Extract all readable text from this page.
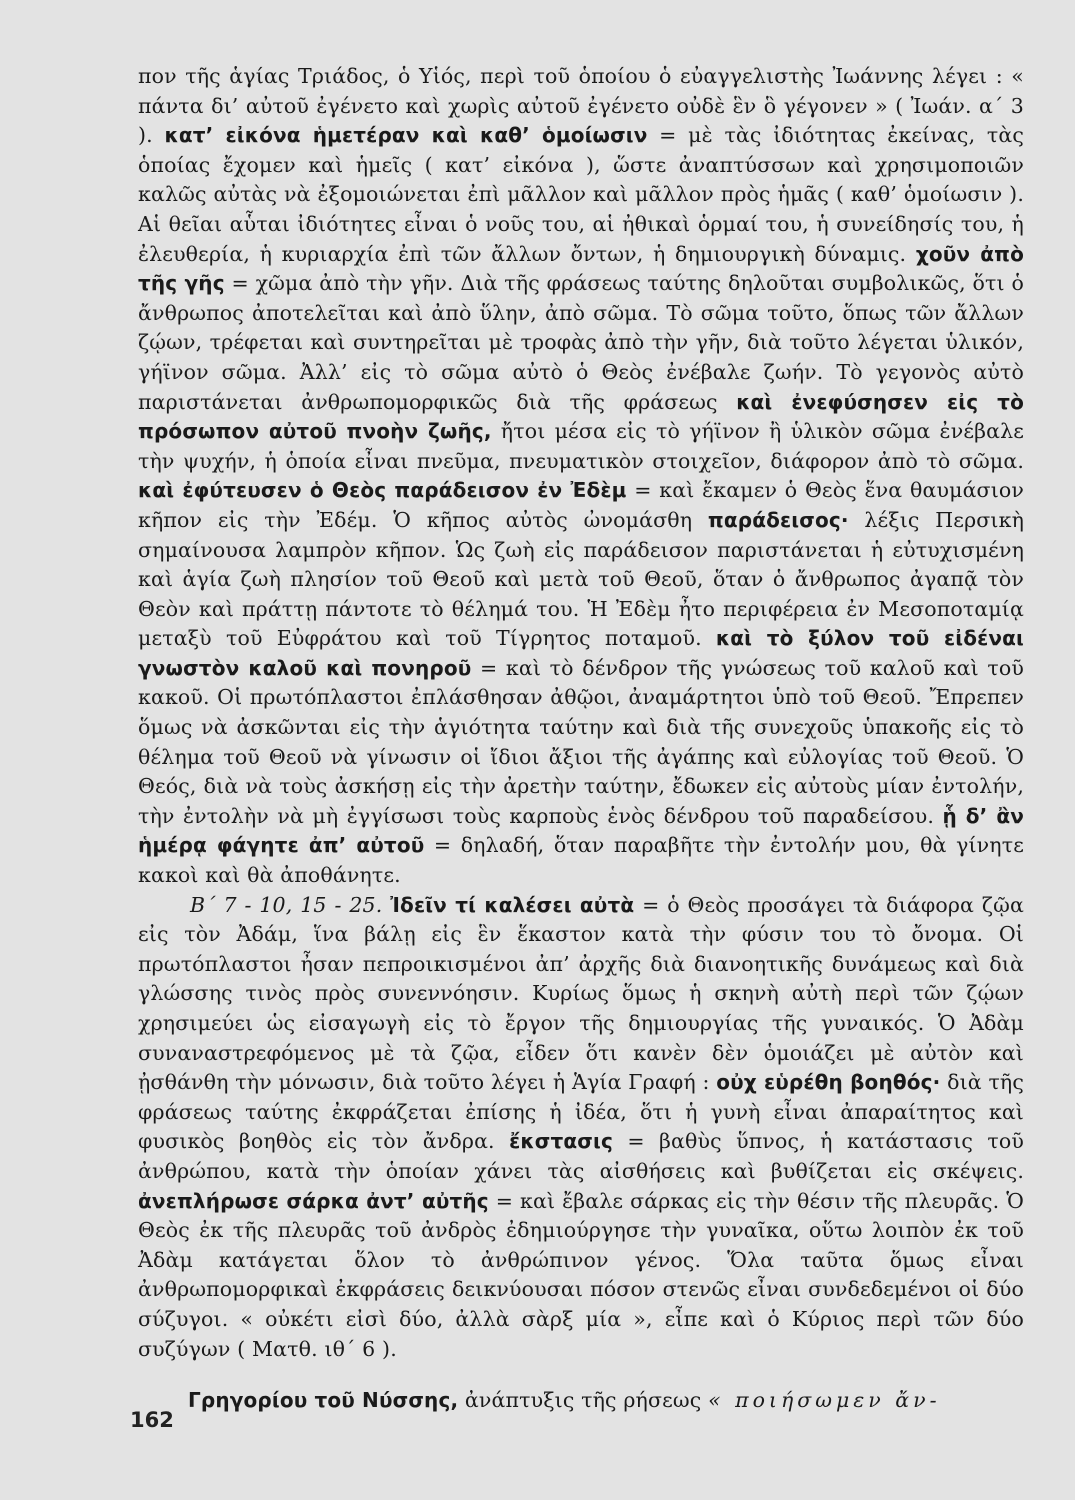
πον τῆς ἁγίας Τριάδος, ὁ Υἱός, περὶ τοῦ ὁποίου ὁ εὐαγγελιστὴς Ἰωάννης λέγει : « πάντα δι’ αὐτοῦ ἐγένετο καὶ χωρὶς αὐτοῦ ἐγένετο οὐδὲ ἓν ὃ γέγονεν » ( Ἰωάν. α΄ 3 ). κατ’ εἰκόνα ἡμετέραν καὶ καθ’ ὁμοίωσιν = μὲ τὰς ἰδιότητας ἐκείνας, τὰς ὁποίας ἔχομεν καὶ ἡμεῖς ( κατ’ εἰκόνα ), ὥστε ἀναπτύσσων καὶ χρησιμοποιῶν καλῶς αὐτὰς νὰ ἐξομοιώνεται ἐπὶ μᾶλλον καὶ μᾶλλον πρὸς ἡμᾶς ( καθ’ ὁμοίωσιν ). Αἱ θεῖαι αὗται ἰδιότητες εἶναι ὁ νοῦς του, αἱ ἠθικαὶ ὁρμαί του, ἡ συνείδησίς του, ἡ ἐλευθερία, ἡ κυριαρχία ἐπὶ τῶν ἄλλων ὄντων, ἡ δημιουργικὴ δύναμις. χοῦν ἀπὸ τῆς γῆς = χῶμα ἀπὸ τὴν γῆν. Διὰ τῆς φράσεως ταύτης δηλοῦται συμβολικῶς, ὅτι ὁ ἄνθρωπος ἀποτελεῖται καὶ ἀπὸ ὕλην, ἀπὸ σῶμα. Τὸ σῶμα τοῦτο, ὅπως τῶν ἄλλων ζῴων, τρέφεται καὶ συντηρεῖται μὲ τροφὰς ἀπὸ τὴν γῆν, διὰ τοῦτο λέγεται ὑλικόν, γήϊνον σῶμα. Ἀλλ’ εἰς τὸ σῶμα αὐτὸ ὁ Θεὸς ἐνέβαλε ζωήν. Τὸ γεγονὸς αὐτὸ παριστάνεται ἀνθρωπομορφικῶς διὰ τῆς φράσεως καὶ ἐνεφύσησεν εἰς τὸ πρόσωπον αὐτοῦ πνοὴν ζωῆς, ἤτοι μέσα εἰς τὸ γήϊνον ἢ ὑλικὸν σῶμα ἐνέβαλε τὴν ψυχήν, ἡ ὁποία εἶναι πνεῦμα, πνευματικὸν στοιχεῖον, διάφορον ἀπὸ τὸ σῶμα. καὶ ἐφύτευσεν ὁ Θεὸς παράδεισον ἐν Ἐδὲμ = καὶ ἔκαμεν ὁ Θεὸς ἕνα θαυμάσιον κῆπον εἰς τὴν Ἐδέμ. Ὁ κῆπος αὐτὸς ὠνομάσθη παράδεισος· λέξις Περσικὴ σημαίνουσα λαμπρὸν κῆπον. Ὡς ζωὴ εἰς παράδεισον παριστάνεται ἡ εὐτυχισμένη καὶ ἁγία ζωὴ πλησίον τοῦ Θεοῦ καὶ μετὰ τοῦ Θεοῦ, ὅταν ὁ ἄνθρωπος ἀγαπᾷ τὸν Θεὸν καὶ πράττῃ πάντοτε τὸ θέλημά του. Ἡ Ἐδὲμ ἦτο περιφέρεια ἐν Μεσοποταμίᾳ μεταξὺ τοῦ Εὐφράτου καὶ τοῦ Τίγρητος ποταμοῦ. καὶ τὸ ξύλον τοῦ εἰδέναι γνωστὸν καλοῦ καὶ πονηροῦ = καὶ τὸ δένδρον τῆς γνώσεως τοῦ καλοῦ καὶ τοῦ κακοῦ. Οἱ πρωτόπλαστοι ἐπλάσθησαν ἀθῷοι, ἀναμάρτητοι ὑπὸ τοῦ Θεοῦ. Ἔπρεπεν ὅμως νὰ ἀσκῶνται εἰς τὴν ἁγιότητα ταύτην καὶ διὰ τῆς συνεχοῦς ὑπακοῆς εἰς τὸ θέλημα τοῦ Θεοῦ νὰ γίνωσιν οἱ ἴδιοι ἄξιοι τῆς ἀγάπης καὶ εὐλογίας τοῦ Θεοῦ. Ὁ Θεός, διὰ νὰ τοὺς ἀσκήσῃ εἰς τὴν ἀρετὴν ταύτην, ἔδωκεν εἰς αὐτοὺς μίαν ἐντολήν, τὴν ἐντολὴν νὰ μὴ ἐγγίσωσι τοὺς καρποὺς ἑνὸς δένδρου τοῦ παραδείσου. ᾗ δ’ ἂν ἡμέρᾳ φάγητε ἀπ’ αὐτοῦ = δηλαδή, ὅταν παραβῆτε τὴν ἐντολήν μου, θὰ γίνητε κακοὶ καὶ θὰ ἀποθάνητε.

Β΄ 7 - 10, 15 - 25. Ἰδεῖν τί καλέσει αὐτὰ = ὁ Θεὸς προσάγει τὰ διάφορα ζῷα εἰς τὸν Ἀδάμ, ἵνα βάλῃ εἰς ἓν ἕκαστον κατὰ τὴν φύσιν του τὸ ὄνομα. Οἱ πρωτόπλαστοι ἦσαν πεπροικισμένοι ἀπ’ ἀρχῆς διὰ διανοητικῆς δυνάμεως καὶ διὰ γλώσσης τινὸς πρὸς συνεννόησιν. Κυρίως ὅμως ἡ σκηνὴ αὐτὴ περὶ τῶν ζῴων χρησιμεύει ὡς εἰσαγωγὴ εἰς τὸ ἔργον τῆς δημιουργίας τῆς γυναικός. Ὁ Ἀδὰμ συναναστρεφόμενος μὲ τὰ ζῷα, εἶδεν ὅτι κανὲν δὲν ὁμοιάζει μὲ αὐτὸν καὶ ᾐσθάνθη τὴν μόνωσιν, διὰ τοῦτο λέγει ἡ Ἁγία Γραφή : οὐχ εὑρέθη βοηθός· διὰ τῆς φράσεως ταύτης ἐκφράζεται ἐπίσης ἡ ἰδέα, ὅτι ἡ γυνὴ εἶναι ἀπαραίτητος καὶ φυσικὸς βοηθὸς εἰς τὸν ἄνδρα. ἔκστασις = βαθὺς ὕπνος, ἡ κατάστασις τοῦ ἀνθρώπου, κατὰ τὴν ὁποίαν χάνει τὰς αἰσθήσεις καὶ βυθίζεται εἰς σκέψεις. ἀνεπλήρωσε σάρκα ἀντ’ αὐτῆς = καὶ ἔβαλε σάρκας εἰς τὴν θέσιν τῆς πλευρᾶς. Ὁ Θεὸς ἐκ τῆς πλευρᾶς τοῦ ἀνδρὸς ἐδημιούργησε τὴν γυναῖκα, οὕτω λοιπὸν ἐκ τοῦ Ἀδὰμ κατάγεται ὅλον τὸ ἀνθρώπινον γένος. Ὅλα ταῦτα ὅμως εἶναι ἀνθρωπομορφικαὶ ἐκφράσεις δεικνύουσαι πόσον στενῶς εἶναι συνδεδεμένοι οἱ δύο σύζυγοι. « οὐκέτι εἰσὶ δύο, ἀλλὰ σὰρξ μία », εἶπε καὶ ὁ Κύριος περὶ τῶν δύο συζύγων ( Ματθ. ιθ΄ 6 ).

Γρηγορίου τοῦ Νύσσης, ἀνάπτυξις τῆς ρήσεως « ποιήσωμεν ἄν-

162
